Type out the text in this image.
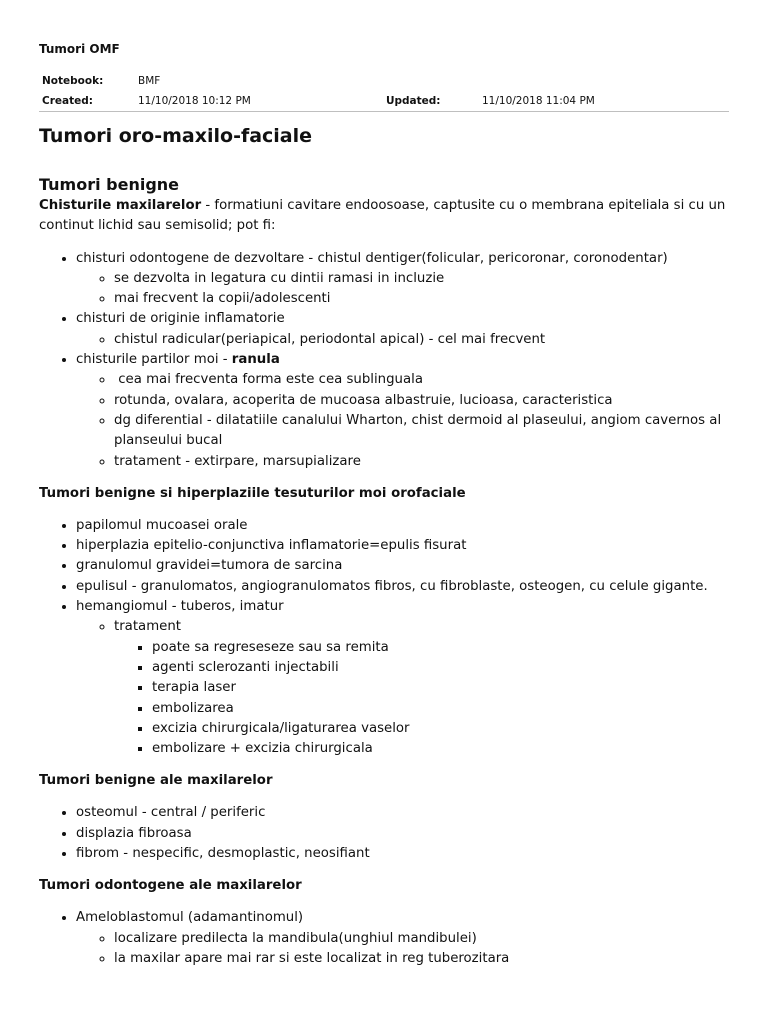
Tumori OMF
Notebook:	BMF
Created:	11/10/2018 10:12 PM	Updated:	11/10/2018 11:04 PM
Tumori oro-maxilo-faciale
Tumori benigne

Chisturile maxilarelor - formatiuni cavitare endoosoase, captusite cu o membrana epiteliala si cu un continut lichid sau semisolid; pot fi:

• chisturi odontogene de dezvoltare - chistul dentiger(folicular, pericoronar, coronodentar)
◦ se dezvolta in legatura cu dintii ramasi in incluzie
◦ mai frecvent la copii/adolescenti
• chisturi de originie inflamatorie
◦ chistul radicular(periapical, periodontal apical) - cel mai frecvent
• chisturile partilor moi - ranula
◦  cea mai frecventa forma este cea sublinguala
◦ rotunda, ovalara, acoperita de mucoasa albastruie, lucioasa, caracteristica
◦ dg diferential - dilatatiile canalului Wharton, chist dermoid al plaseului, angiom cavernos al planseului bucal
◦ tratament - extirpare, marsupializare
Tumori benigne si hiperplaziile tesuturilor moi orofaciale
• papilomul mucoasei orale
• hiperplazia epitelio-conjunctiva inflamatorie=epulis fisurat
• granulomul gravidei=tumora de sarcina
• epulisul - granulomatos, angiogranulomatos fibros, cu fibroblaste, osteogen, cu celule gigante.
• hemangiomul - tuberos, imatur
◦ tratament
▪ poate sa regreseseze sau sa remita
▪ agenti sclerozanti injectabili
▪ terapia laser
▪ embolizarea
▪ excizia chirurgicala/ligaturarea vaselor
▪ embolizare + excizia chirurgicala
Tumori benigne ale maxilarelor
• osteomul - central / periferic
• displazia fibroasa
• fibrom - nespecific, desmoplastic, neosifiant
Tumori odontogene ale maxilarelor
• Ameloblastomul (adamantinomul)
◦ localizare predilecta la mandibula(unghiul mandibulei)
◦ la maxilar apare mai rar si este localizat in reg tuberozitara
